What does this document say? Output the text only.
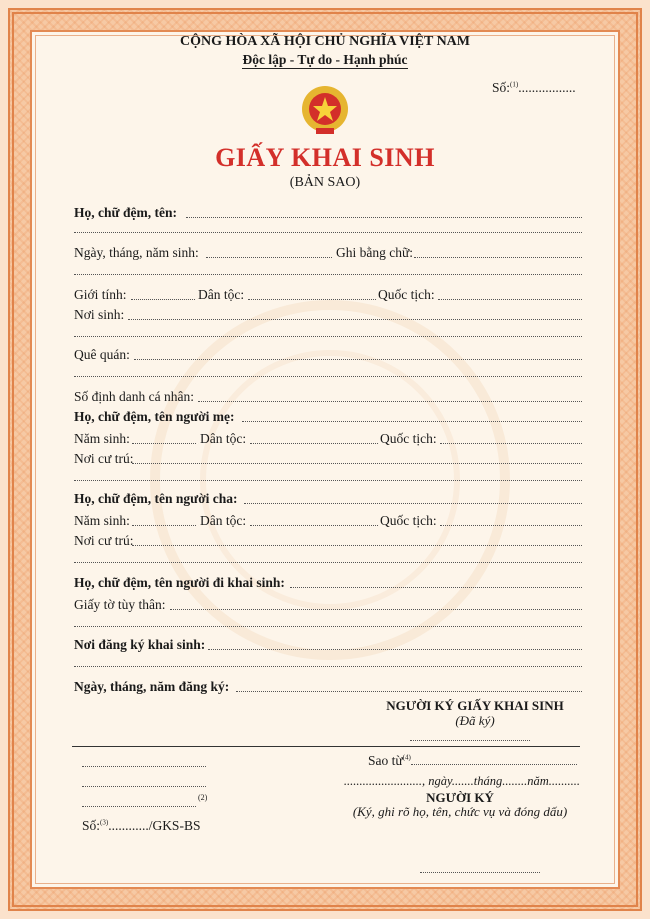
CỘNG HÒA XÃ HỘI CHỦ NGHĨA VIỆT NAM
Độc lập - Tự do - Hạnh phúc
Số:$^{(1)}$.................
GIẤY KHAI SINH
(BẢN SAO)
Họ, chữ đệm, tên:
Ngày, tháng, năm sinh:	Ghi bằng chữ:
Giới tính:	Dân tộc:	Quốc tịch:
Nơi sinh:
Quê quán:
Số định danh cá nhân:
Họ, chữ đệm, tên người mẹ:
Năm sinh:	Dân tộc:	Quốc tịch:
Nơi cư trú:
Họ, chữ đệm, tên người cha:
Năm sinh:	Dân tộc:	Quốc tịch:
Nơi cư trú:
Họ, chữ đệm, tên người đi khai sinh:
Giấy tờ tùy thân:
Nơi đăng ký khai sinh:
Ngày, tháng, năm đăng ký:
NGƯỜI KÝ GIẤY KHAI SINH
(Đã ký)
(2)
Số:$^{(3)}$............/GKS-BS
Sao từ$^{(4)}$
........................., ngày.......tháng........năm..........
NGƯỜI KÝ
(Ký, ghi rõ họ, tên, chức vụ và đóng dấu)
